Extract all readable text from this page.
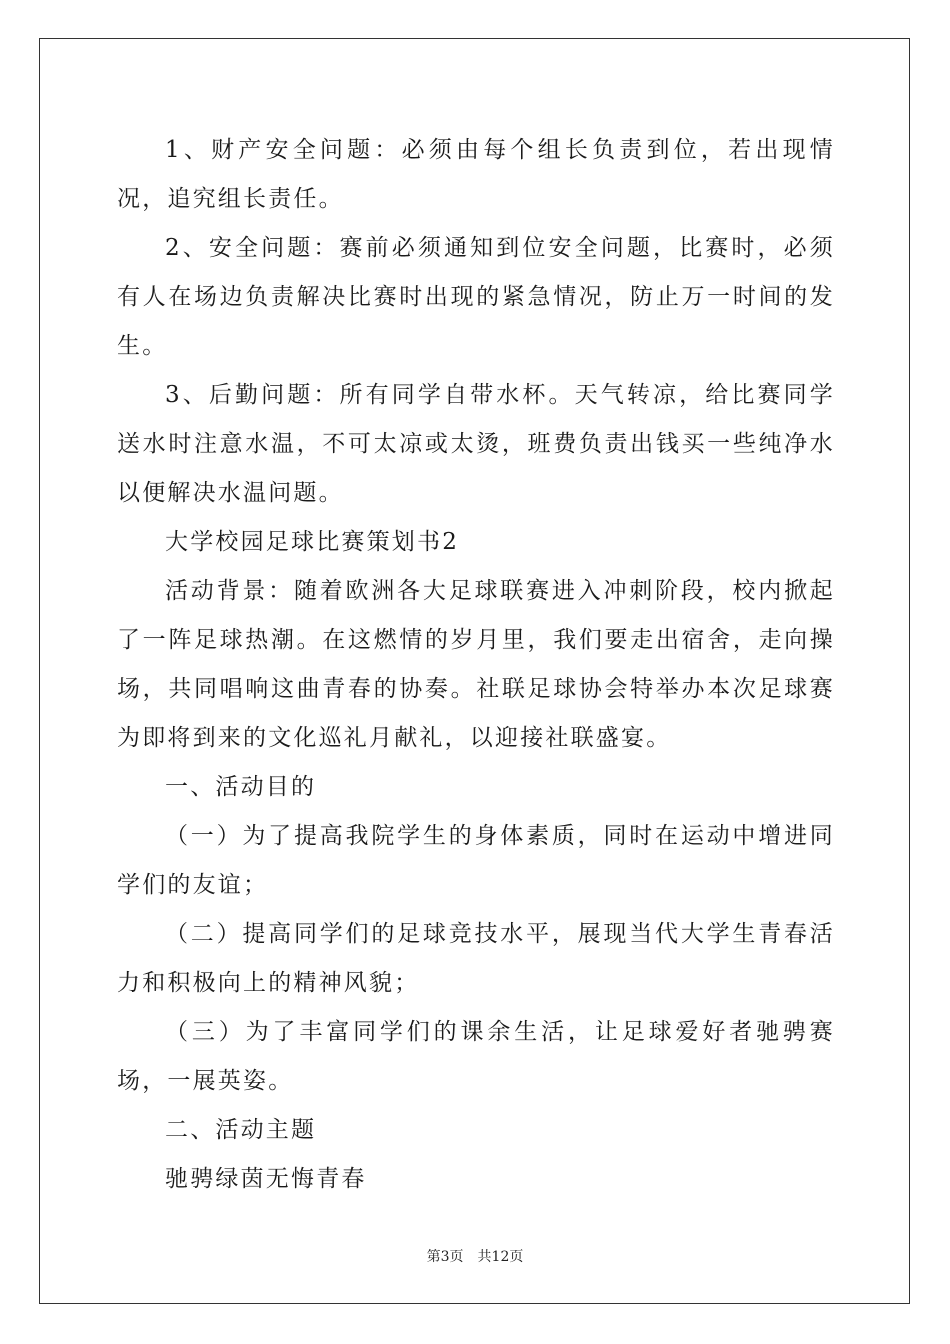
1、财产安全问题：必须由每个组长负责到位，若出现情况，追究组长责任。

2、安全问题：赛前必须通知到位安全问题，比赛时，必须有人在场边负责解决比赛时出现的紧急情况，防止万一时间的发生。

3、后勤问题：所有同学自带水杯。天气转凉，给比赛同学送水时注意水温，不可太凉或太烫，班费负责出钱买一些纯净水以便解决水温问题。

大学校园足球比赛策划书2

活动背景：随着欧洲各大足球联赛进入冲刺阶段，校内掀起了一阵足球热潮。在这燃情的岁月里，我们要走出宿舍，走向操场，共同唱响这曲青春的协奏。社联足球协会特举办本次足球赛为即将到来的文化巡礼月献礼，以迎接社联盛宴。

一、活动目的

（一）为了提高我院学生的身体素质，同时在运动中增进同学们的友谊；

（二）提高同学们的足球竞技水平，展现当代大学生青春活力和积极向上的精神风貌；

（三）为了丰富同学们的课余生活，让足球爱好者驰骋赛场，一展英姿。

二、活动主题

驰骋绿茵无悔青春

第3页 共12页
